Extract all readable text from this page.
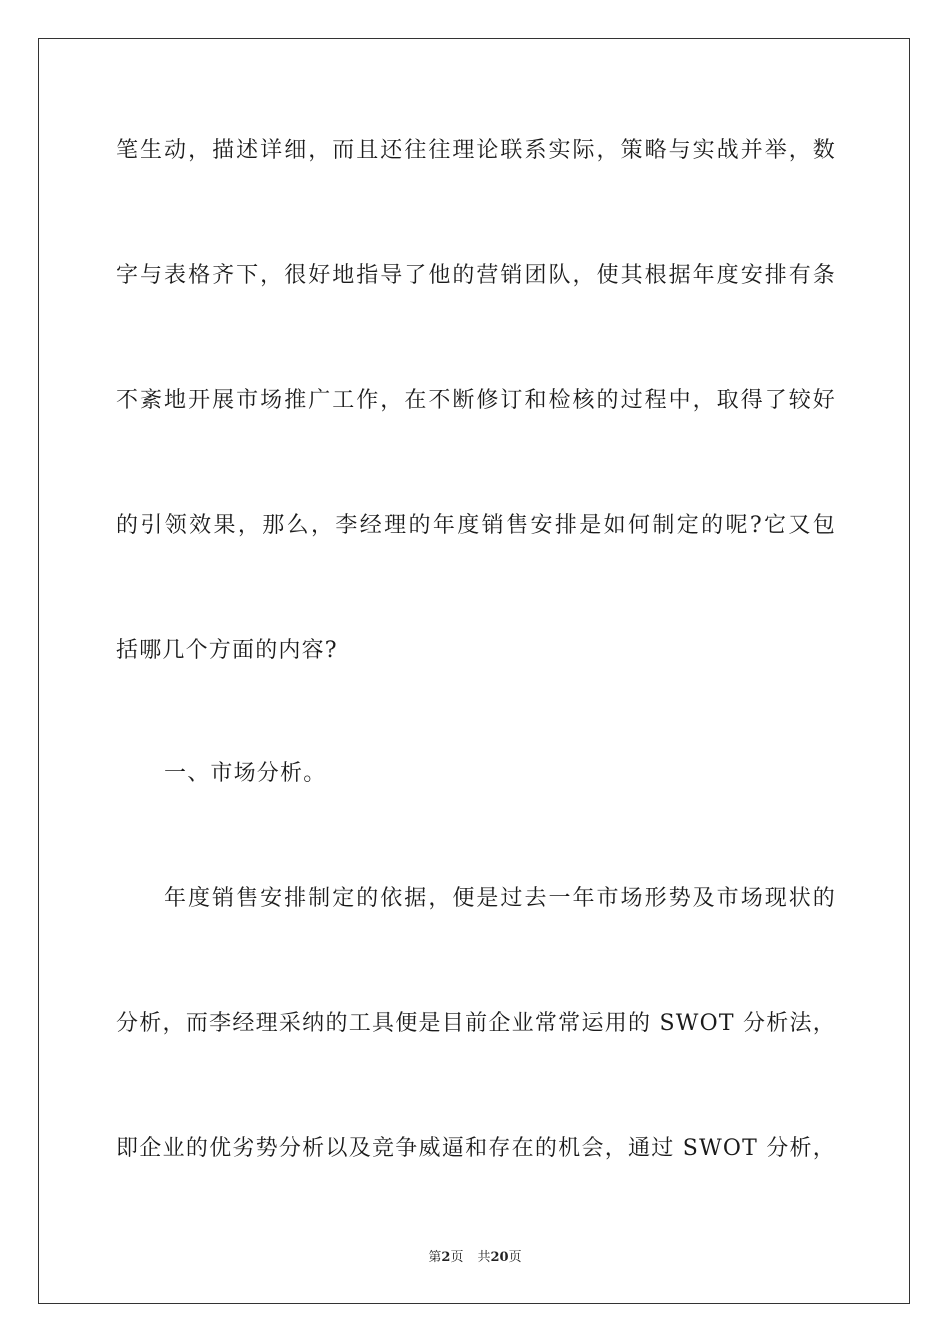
笔生动，描述详细，而且还往往理论联系实际，策略与实战并举，数
字与表格齐下，很好地指导了他的营销团队，使其根据年度安排有条
不紊地开展市场推广工作，在不断修订和检核的过程中，取得了较好
的引领效果，那么，李经理的年度销售安排是如何制定的呢?它又包
括哪几个方面的内容?
一、市场分析。
年度销售安排制定的依据，便是过去一年市场形势及市场现状的
分析，而李经理采纳的工具便是目前企业常常运用的 SWOT 分析法，
即企业的优劣势分析以及竞争威逼和存在的机会，通过 SWOT 分析，
第2页 共20页
